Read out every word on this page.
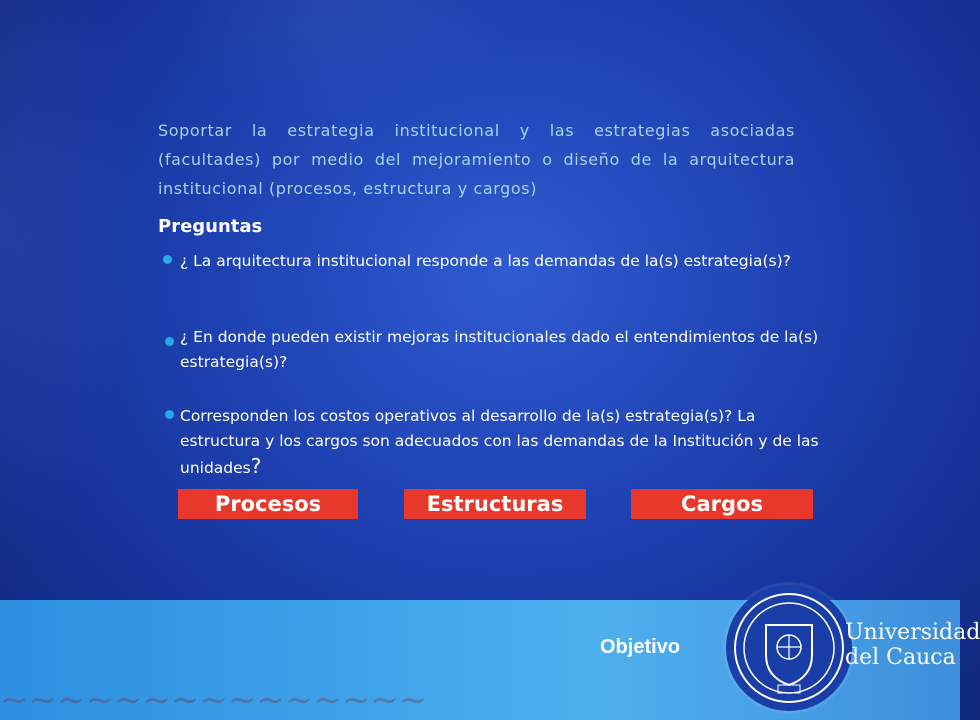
Soportar la estrategia institucional y las estrategias asociadas (facultades) por medio del mejoramiento o diseño de la arquitectura institucional (procesos, estructura y cargos)
Preguntas
¿ La arquitectura institucional responde a las demandas de la(s) estrategia(s)?
¿ En donde pueden existir mejoras institucionales dado el entendimientos de la(s) estrategia(s)?
Corresponden los costos operativos al desarrollo de la(s) estrategia(s)? La estructura y los cargos son adecuados con las demandas de la Institución y de las unidades?
Procesos	Estructuras	Cargos
~~~~~~~~~~~~~~~
Objetivo
Universidad
del Cauca
